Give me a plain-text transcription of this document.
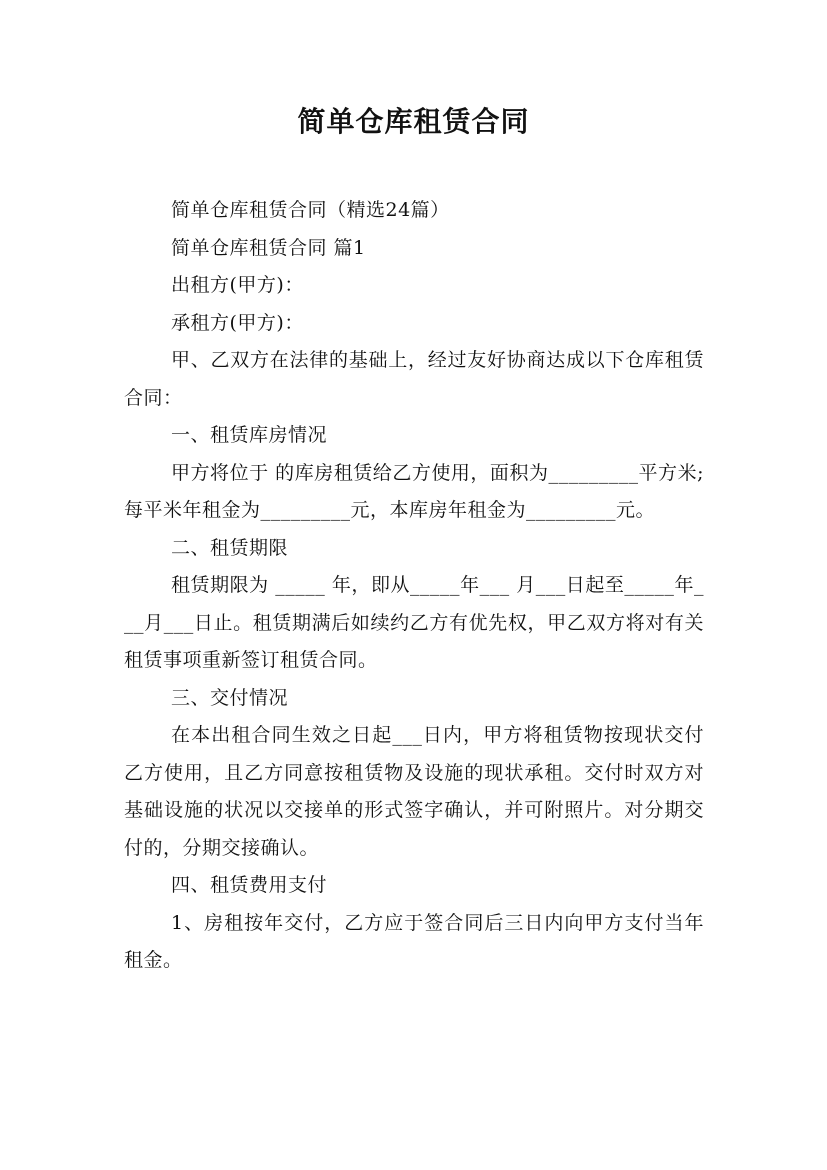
简单仓库租赁合同

简单仓库租赁合同（精选24篇）

简单仓库租赁合同 篇1

出租方(甲方)：

承租方(甲方)：

甲、乙双方在法律的基础上，经过友好协商达成以下仓库租赁合同：

一、租赁库房情况

甲方将位于 的库房租赁给乙方使用，面积为_________平方米;每平米年租金为_________元，本库房年租金为_________元。

二、租赁期限

租赁期限为 _____ 年，即从_____年___ 月___日起至_____年___月___日止。租赁期满后如续约乙方有优先权，甲乙双方将对有关租赁事项重新签订租赁合同。

三、交付情况

在本出租合同生效之日起___日内，甲方将租赁物按现状交付乙方使用，且乙方同意按租赁物及设施的现状承租。交付时双方对基础设施的状况以交接单的形式签字确认，并可附照片。对分期交付的，分期交接确认。

四、租赁费用支付

1、房租按年交付，乙方应于签合同后三日内向甲方支付当年租金。
